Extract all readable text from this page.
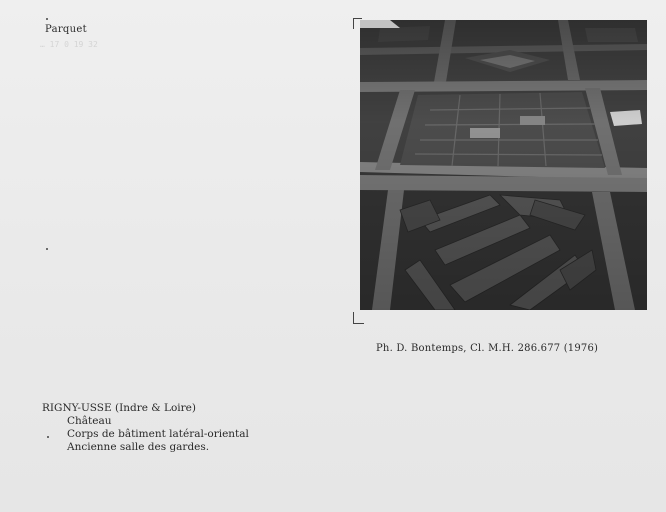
Parquet
… 17 0 19 32
Ph. D. Bontemps, Cl. M.H. 286.677 (1976)
RIGNY-USSE (Indre & Loire)
Château
Corps de bâtiment latéral-oriental
Ancienne salle des gardes.
